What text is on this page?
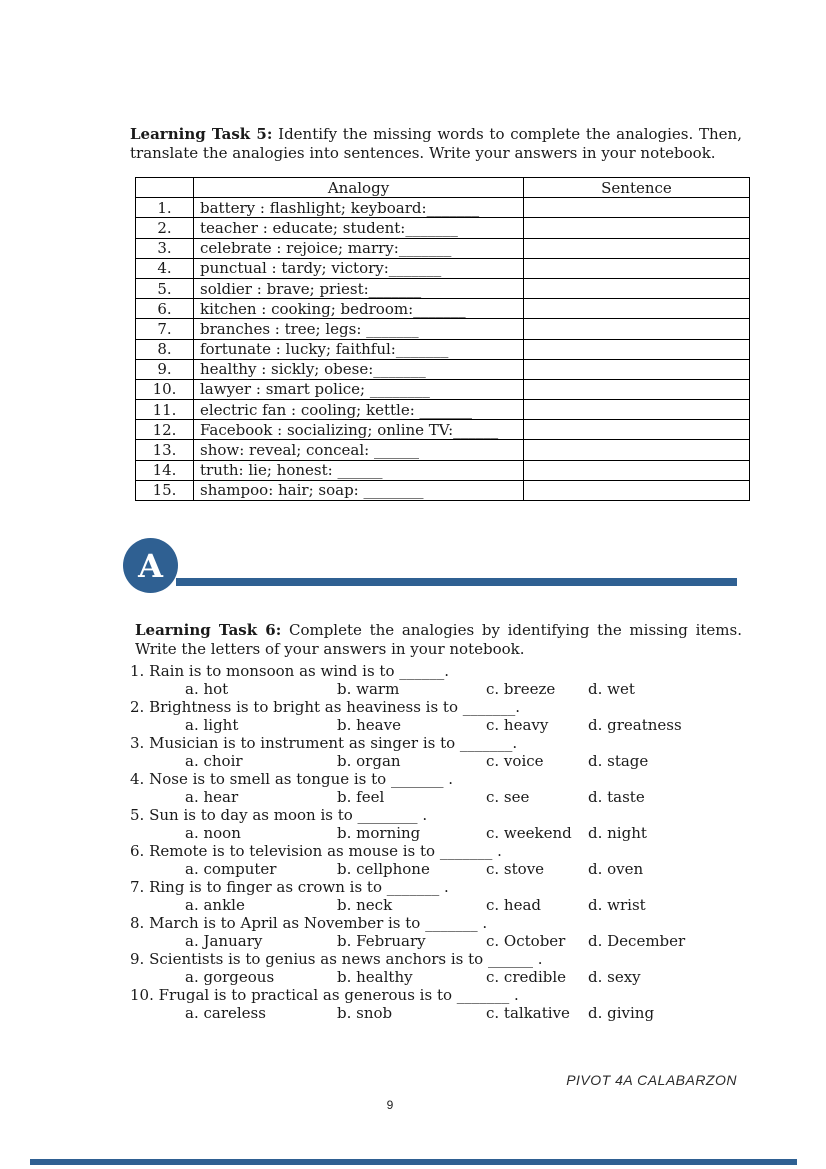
Learning Task 5: Identify the missing words to complete the analogies. Then, translate the analogies into sentences. Write your answers in your notebook.

	Analogy	Sentence
1.	battery : flashlight; keyboard:_______	
2.	teacher : educate; student:_______	
3.	celebrate : rejoice; marry:_______	
4.	punctual : tardy; victory:_______	
5.	soldier : brave; priest:_______	
6.	kitchen : cooking; bedroom:_______	
7.	branches : tree; legs: _______	
8.	fortunate : lucky; faithful:_______	
9.	healthy : sickly; obese:_______	
10.	lawyer : smart police; ________	
11.	electric fan : cooling; kettle: _______	
12.	Facebook : socializing; online TV:______	
13.	show: reveal; conceal: ______	
14.	truth: lie; honest: ______	
15.	shampoo: hair; soap: ________	
A

Learning Task 6: Complete the analogies by identifying the missing items. Write the letters of your answers in your notebook.

1. Rain is to monsoon as wind is to ______.
a. hot	b. warm	c. breeze d. wet
2. Brightness is to bright as heaviness is to _______.
a. light	b. heave	c. heavy	d. greatness
3. Musician is to instrument as singer is to _______.
a. choir	b. organ	c. voice	d. stage
4. Nose is to smell as tongue is to _______ .
a. hear	b. feel	c. see	d. taste
5. Sun is to day as moon is to ________ .
a. noon	b. morning	c. weekend d. night
6. Remote is to television as mouse is to _______ .
a. computer	b. cellphone	c. stove	d. oven
7. Ring is to finger as crown is to _______ .
a. ankle	b. neck	c. head	d. wrist
8. March is to April as November is to _______ .
a. January	b. February	c. October d. December
9. Scientists is to genius as news anchors is to ______ .
a. gorgeous	b. healthy	c. credible d. sexy
10. Frugal is to practical as generous is to _______ .
a. careless	b. snob	c. talkative d. giving
PIVOT 4A CALABARZON
9
